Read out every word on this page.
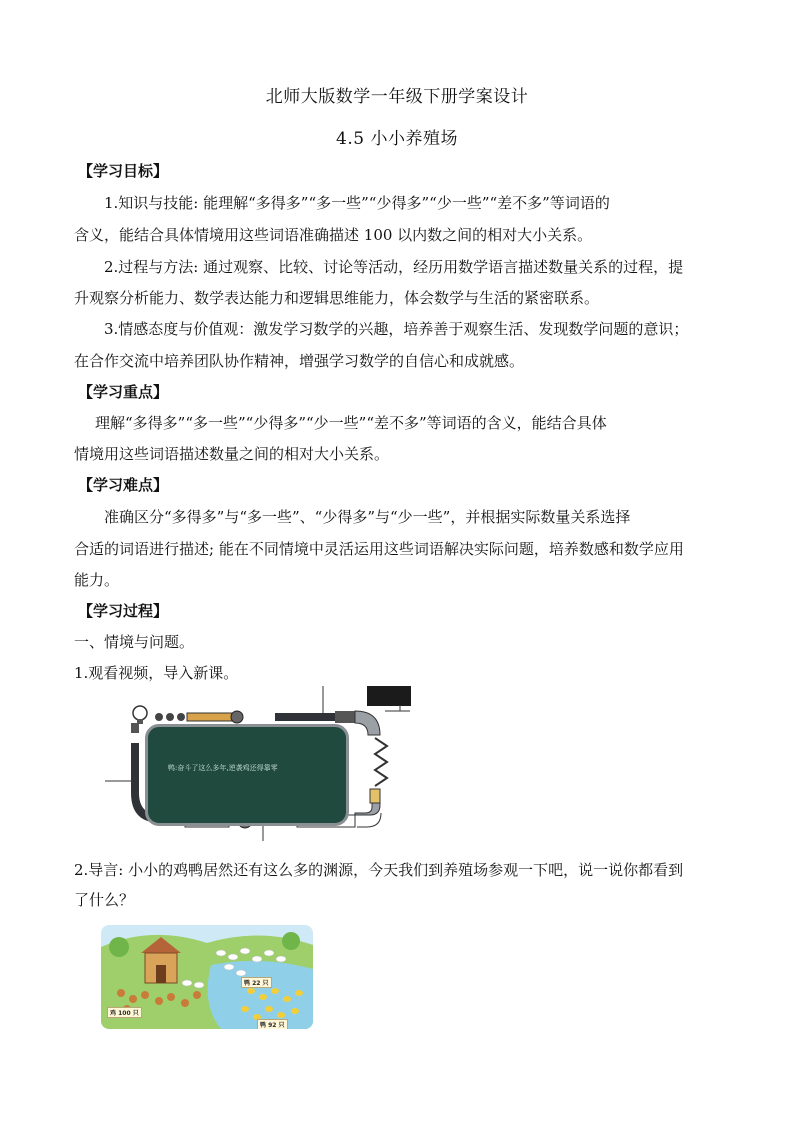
北师大版数学一年级下册学案设计
4.5 小小养殖场
【学习目标】
1.知识与技能: 能理解“多得多”“多一些”“少得多”“少一些”“差不多”等词语的
含义，能结合具体情境用这些词语准确描述 100 以内数之间的相对大小关系。
2.过程与方法: 通过观察、比较、讨论等活动，经历用数学语言描述数量关系的过程，提
升观察分析能力、数学表达能力和逻辑思维能力，体会数学与生活的紧密联系。
3.情感态度与价值观：激发学习数学的兴趣，培养善于观察生活、发现数学问题的意识；
在合作交流中培养团队协作精神，增强学习数学的自信心和成就感。
【学习重点】
理解“多得多”“多一些”“少得多”“少一些”“差不多”等词语的含义，能结合具体
情境用这些词语描述数量之间的相对大小关系。
【学习难点】
准确区分“多得多”与“多一些”、“少得多”与“少一些”，并根据实际数量关系选择
合适的词语进行描述; 能在不同情境中灵活运用这些词语解决实际问题，培养数感和数学应用
能力。
【学习过程】
一、情境与问题。
1.观看视频，导入新课。
鸭:奋斗了这么多年,逆袭鸡还得靠零
2.导言: 小小的鸡鸭居然还有这么多的渊源，今天我们到养殖场参观一下吧，说一说你都看到
了什么？
鸡 100 只
鸭 22 只
鸭 92 只
